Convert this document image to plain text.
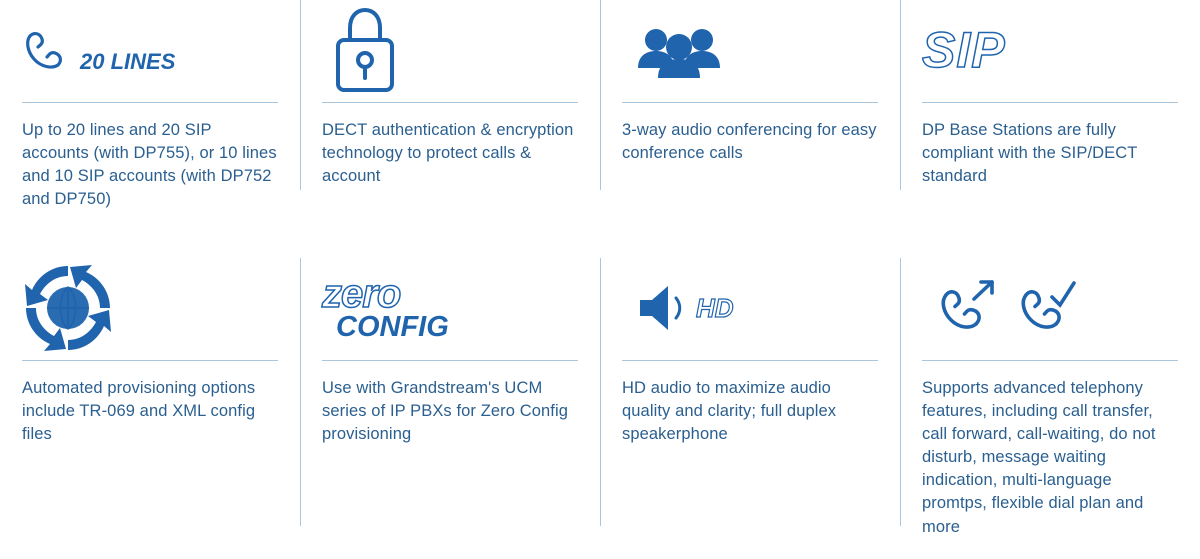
20 LINES
Up to 20 lines and 20 SIP accounts (with DP755), or 10 lines and 10 SIP accounts (with DP752 and DP750)
DECT authentication & encryption technology to protect calls & account
3-way audio conferencing for easy conference calls
SIP
DP Base Stations are fully compliant with the SIP/DECT standard
Automated provisioning options include TR-069 and XML config files
zero
CONFIG
Use with Grandstream's UCM series of IP PBXs for Zero Config provisioning
HD
HD audio to maximize audio quality and clarity; full duplex speakerphone
Supports advanced telephony features, including call transfer, call forward, call-waiting, do not disturb, message waiting indication, multi-language promtps, flexible dial plan and more
